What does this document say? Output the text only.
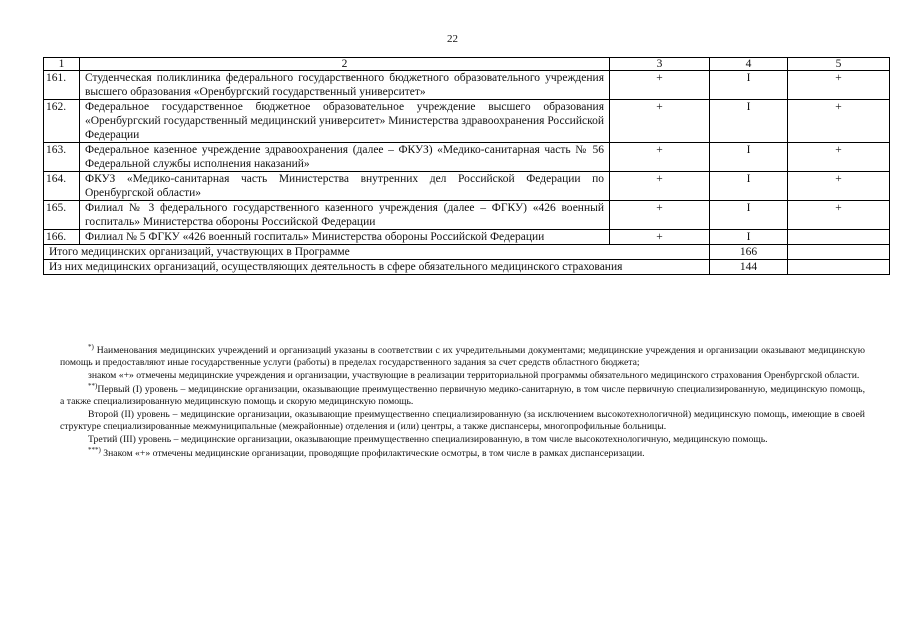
22
1	2	3	4	5
161.	Студенческая поликлиника федерального государственного бюджетного образовательного учреждения высшего образования «Оренбургский государственный университет»	+	I	+
162.	Федеральное государственное бюджетное образовательное учреждение высшего образования «Оренбургский государственный медицинский университет» Министерства здравоохранения Российской Федерации	+	I	+
163.	Федеральное казенное учреждение здравоохранения (далее – ФКУЗ) «Медико-санитарная часть № 56 Федеральной службы исполнения наказаний»	+	I	+
164.	ФКУЗ «Медико-санитарная часть Министерства внутренних дел Российской Федерации по Оренбургской области»	+	I	+
165.	Филиал № 3 федерального государственного казенного учреждения (далее – ФГКУ) «426 военный госпиталь» Министерства обороны Российской Федерации	+	I	+
166.	Филиал № 5 ФГКУ «426 военный госпиталь» Министерства обороны Российской Федерации	+	I	
Итого медицинских организаций, участвующих в Программе			166	
Из них медицинских организаций, осуществляющих деятельность в сфере обязательного медицинского страхования			144	

*) Наименования медицинских учреждений и организаций указаны в соответствии с их учредительными документами; медицинские учреждения и организации оказывают медицинскую помощь и предоставляют иные государственные услуги (работы) в пределах государственного задания за счет средств областного бюджета;

знаком «+» отмечены медицинские учреждения и организации, участвующие в реализации территориальной программы обязательного медицинского страхования Оренбургской области.

**)Первый (I) уровень – медицинские организации, оказывающие преимущественно первичную медико-санитарную, в том числе первичную специализированную, медицинскую помощь, а также специализированную медицинскую помощь и скорую медицинскую помощь.

Второй (II) уровень – медицинские организации, оказывающие преимущественно специализированную (за исключением высокотехнологичной) медицинскую помощь, имеющие в своей структуре специализированные межмуниципальные (межрайонные) отделения и (или) центры, а также диспансеры, многопрофильные больницы.

Третий (III) уровень – медицинские организации, оказывающие преимущественно специализированную, в том числе высокотехнологичную, медицинскую помощь.

***) Знаком «+» отмечены медицинские организации, проводящие профилактические осмотры, в том числе в рамках диспансеризации.
